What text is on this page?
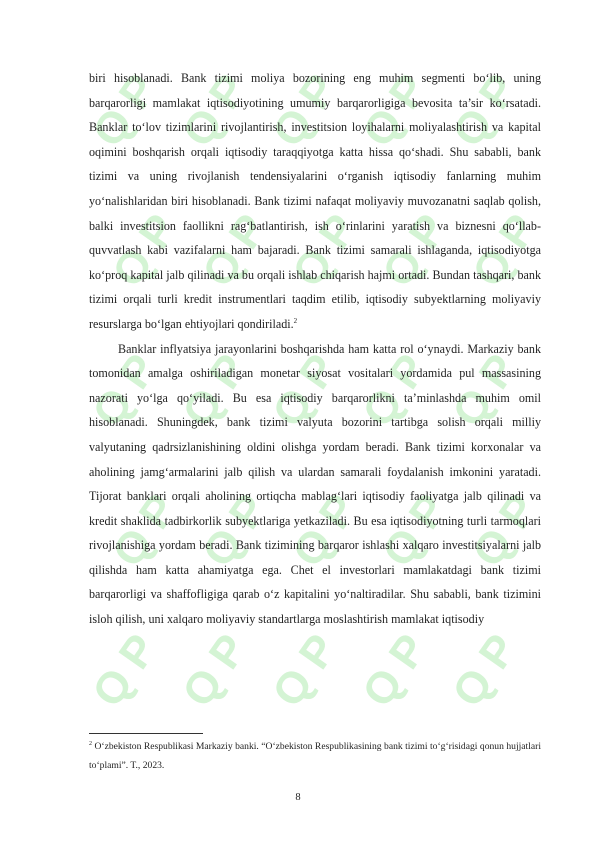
Q P Q P Q P Q P Q P
Q P Q P Q P Q P Q P
Q P Q P Q P Q P Q P
Q P Q P Q P Q P Q P
Q P Q P Q P Q P Q P

biri hisoblanadi. Bank tizimi moliya bozorining eng muhim segmenti bo‘lib, uning barqarorligi mamlakat iqtisodiyotining umumiy barqarorligiga bevosita ta’sir ko‘rsatadi. Banklar to‘lov tizimlarini rivojlantirish, investitsion loyihalarni moliyalashtirish va kapital oqimini boshqarish orqali iqtisodiy taraqqiyotga katta hissa qo‘shadi. Shu sababli, bank tizimi va uning rivojlanish tendensiyalarini o‘rganish iqtisodiy fanlarning muhim yo‘nalishlaridan biri hisoblanadi. Bank tizimi nafaqat moliyaviy muvozanatni saqlab qolish, balki investitsion faollikni rag‘batlantirish, ish o‘rinlarini yaratish va biznesni qo‘llab-quvvatlash kabi vazifalarni ham bajaradi. Bank tizimi samarali ishlaganda, iqtisodiyotga ko‘proq kapital jalb qilinadi va bu orqali ishlab chiqarish hajmi ortadi. Bundan tashqari, bank tizimi orqali turli kredit instrumentlari taqdim etilib, iqtisodiy subyektlarning moliyaviy resurslarga bo‘lgan ehtiyojlari qondiriladi.$^2$

Banklar inflyatsiya jarayonlarini boshqarishda ham katta rol o‘ynaydi. Markaziy bank tomonidan amalga oshiriladigan monetar siyosat vositalari yordamida pul massasining nazorati yo‘lga qo‘yiladi. Bu esa iqtisodiy barqarorlikni ta’minlashda muhim omil hisoblanadi. Shuningdek, bank tizimi valyuta bozorini tartibga solish orqali milliy valyutaning qadrsizlanishining oldini olishga yordam beradi. Bank tizimi korxonalar va aholining jamg‘armalarini jalb qilish va ulardan samarali foydalanish imkonini yaratadi. Tijorat banklari orqali aholining ortiqcha mablag‘lari iqtisodiy faoliyatga jalb qilinadi va kredit shaklida tadbirkorlik subyektlariga yetkaziladi. Bu esa iqtisodiyotning turli tarmoqlari rivojlanishiga yordam beradi. Bank tizimining barqaror ishlashi xalqaro investitsiyalarni jalb qilishda ham katta ahamiyatga ega. Chet el investorlari mamlakatdagi bank tizimi barqarorligi va shaffofligiga qarab o‘z kapitalini yo‘naltiradilar. Shu sababli, bank tizimini isloh qilish, uni xalqaro moliyaviy standartlarga moslashtirish mamlakat iqtisodiy

$^2$ O‘zbekiston Respublikasi Markaziy banki. “O‘zbekiston Respublikasining bank tizimi to‘g‘risidagi qonun hujjatlari to‘plami”. T., 2023.
8
